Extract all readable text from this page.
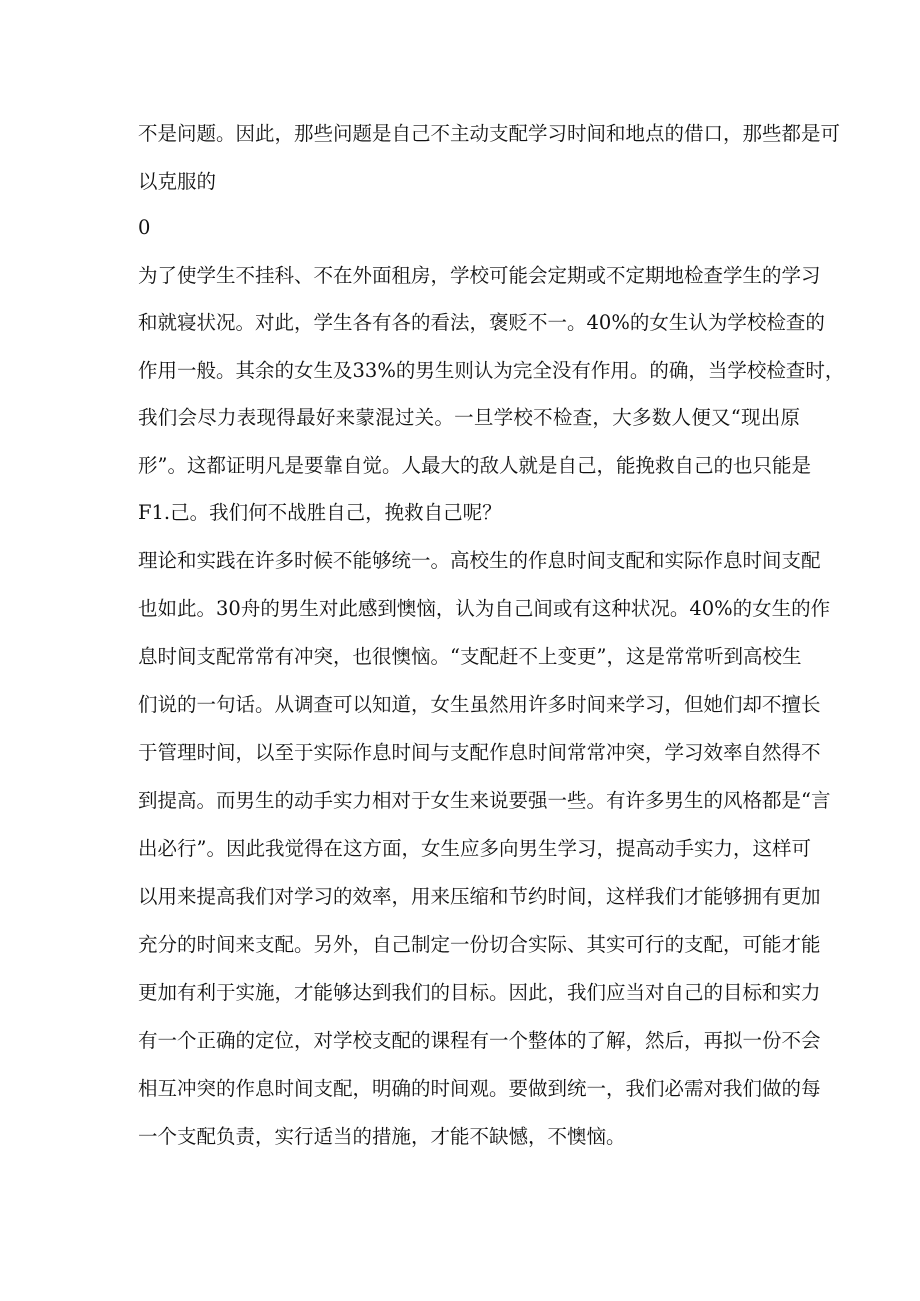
不是问题。因此，那些问题是自己不主动支配学习时间和地点的借口，那些都是可
以克服的
0
为了使学生不挂科、不在外面租房，学校可能会定期或不定期地检查学生的学习
和就寝状况。对此，学生各有各的看法，褒贬不一。40%的女生认为学校检查的
作用一般。其余的女生及33%的男生则认为完全没有作用。的确，当学校检查时，
我们会尽力表现得最好来蒙混过关。一旦学校不检查，大多数人便又“现出原
形”。这都证明凡是要靠自觉。人最大的敌人就是自己，能挽救自己的也只能是
F1.己。我们何不战胜自己，挽救自己呢？
理论和实践在许多时候不能够统一。高校生的作息时间支配和实际作息时间支配
也如此。30舟的男生对此感到懊恼，认为自己间或有这种状况。40%的女生的作
息时间支配常常有冲突，也很懊恼。“支配赶不上变更”，这是常常听到高校生
们说的一句话。从调查可以知道，女生虽然用许多时间来学习，但她们却不擅长
于管理时间，以至于实际作息时间与支配作息时间常常冲突，学习效率自然得不
到提高。而男生的动手实力相对于女生来说要强一些。有许多男生的风格都是“言
出必行”。因此我觉得在这方面，女生应多向男生学习，提高动手实力，这样可
以用来提高我们对学习的效率，用来压缩和节约时间，这样我们才能够拥有更加
充分的时间来支配。另外，自己制定一份切合实际、其实可行的支配，可能才能
更加有利于实施，才能够达到我们的目标。因此，我们应当对自己的目标和实力
有一个正确的定位，对学校支配的课程有一个整体的了解，然后，再拟一份不会
相互冲突的作息时间支配，明确的时间观。要做到统一，我们必需对我们做的每
一个支配负责，实行适当的措施，才能不缺憾，不懊恼。
